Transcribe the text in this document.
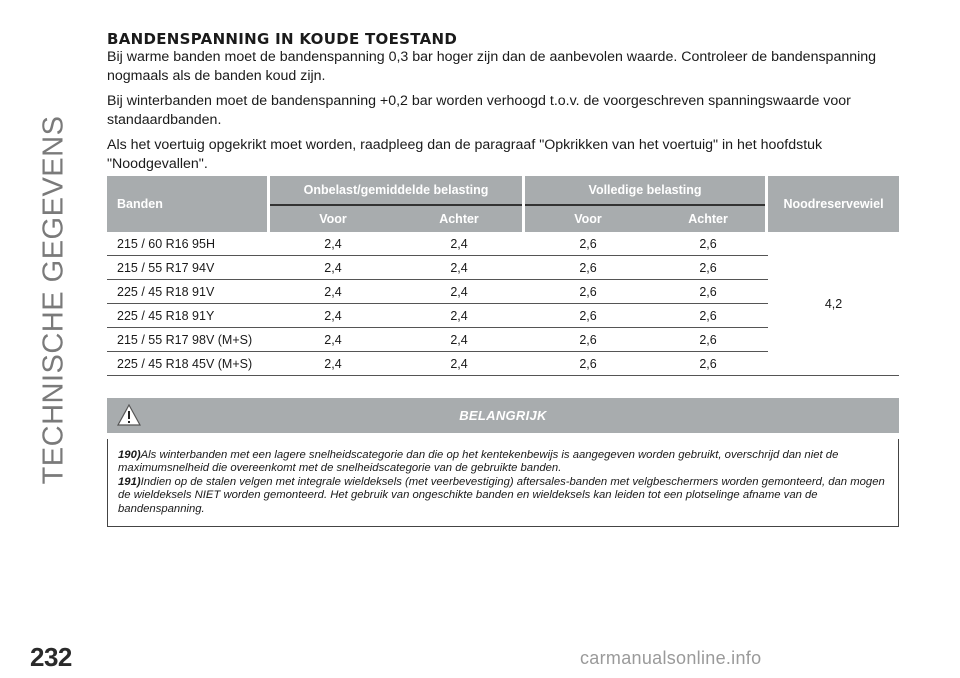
TECHNISCHE GEGEVENS
BANDENSPANNING IN KOUDE TOESTAND

Bij warme banden moet de bandenspanning 0,3 bar hoger zijn dan de aanbevolen waarde. Controleer de bandenspanning nogmaals als de banden koud zijn.

Bij winterbanden moet de bandenspanning +0,2 bar worden verhoogd t.o.v. de voorgeschreven spanningswaarde voor standaardbanden.

Als het voertuig opgekrikt moet worden, raadpleeg dan de paragraaf "Opkrikken van het voertuig" in het hoofdstuk "Noodgevallen".

Banden		Onbelast/gemiddelde belasting			Volledige belasting			Noodreservewiel
		Voor	Achter		Voor	Achter		
215 / 60 R16 95H		2,4	2,4		2,6	2,6		4,2
215 / 55 R17 94V		2,4	2,4		2,6	2,6		
225 / 45 R18 91V		2,4	2,4		2,6	2,6		
225 / 45 R18 91Y		2,4	2,4		2,6	2,6		
215 / 55 R17 98V (M+S)		2,4	2,4		2,6	2,6		
225 / 45 R18 45V (M+S)		2,4	2,4		2,6	2,6		
BELANGRIJK
190)Als winterbanden met een lagere snelheidscategorie dan die op het kentekenbewijs is aangegeven worden gebruikt, overschrijd dan niet de maximumsnelheid die overeenkomt met de snelheidscategorie van de gebruikte banden.
191)Indien op de stalen velgen met integrale wieldeksels (met veerbevestiging) aftersales-banden met velgbeschermers worden gemonteerd, dan mogen de wieldeksels NIET worden gemonteerd. Het gebruik van ongeschikte banden en wieldeksels kan leiden tot een plotselinge afname van de bandenspanning.
232	carmanualsonline.info
